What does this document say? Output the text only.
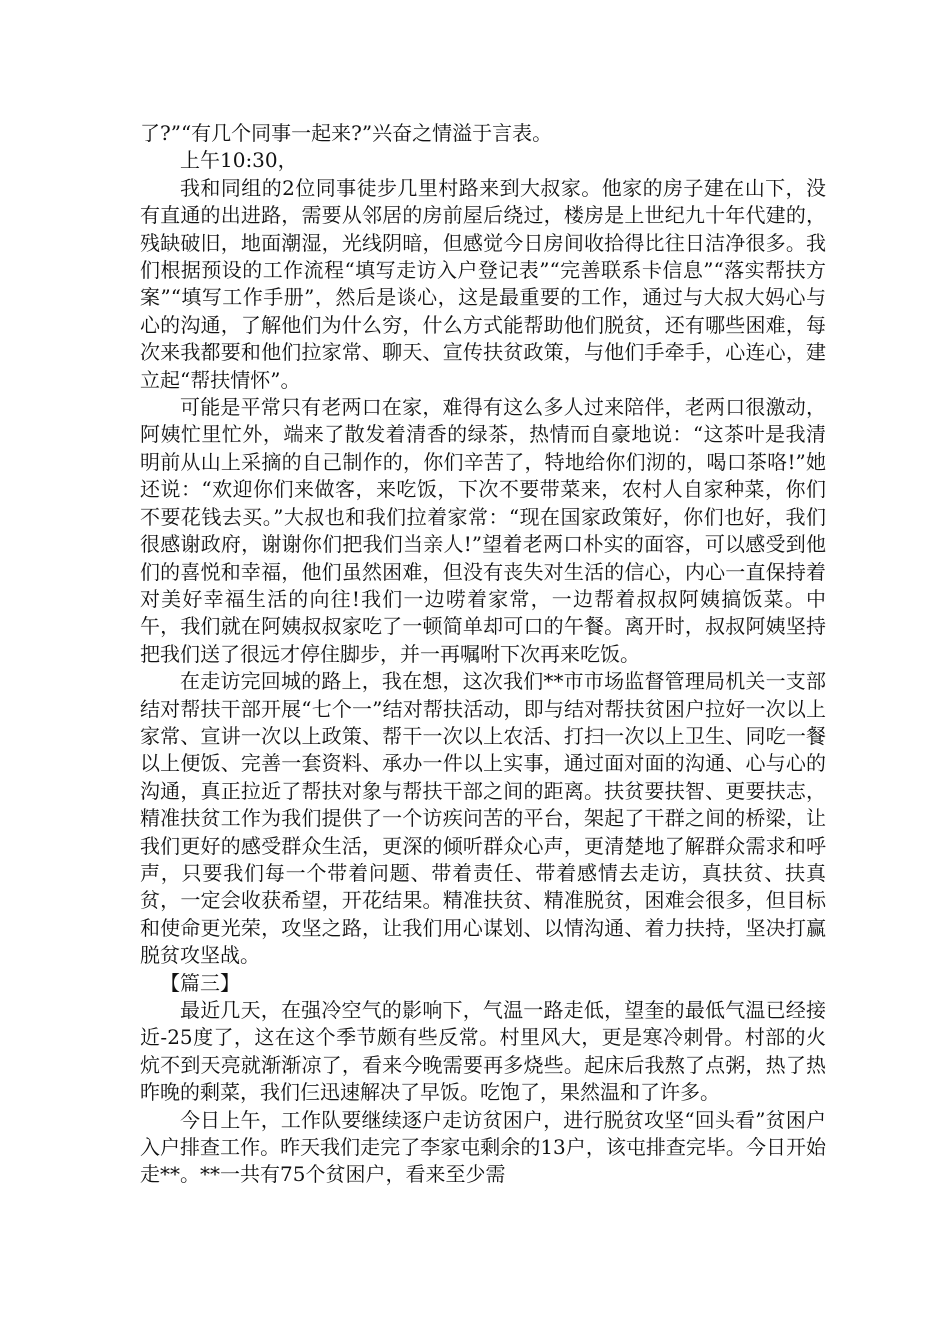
了?”“有几个同事一起来?”兴奋之情溢于言表。

上午10:30，

我和同组的2位同事徒步几里村路来到大叔家。他家的房子建在山下，没有直通的出进路，需要从邻居的房前屋后绕过，楼房是上世纪九十年代建的，残缺破旧，地面潮湿，光线阴暗，但感觉今日房间收拾得比往日洁净很多。我们根据预设的工作流程“填写走访入户登记表”“完善联系卡信息”“落实帮扶方案”“填写工作手册”，然后是谈心，这是最重要的工作，通过与大叔大妈心与心的沟通，了解他们为什么穷，什么方式能帮助他们脱贫，还有哪些困难，每次来我都要和他们拉家常、聊天、宣传扶贫政策，与他们手牵手，心连心，建立起“帮扶情怀”。

可能是平常只有老两口在家，难得有这么多人过来陪伴，老两口很激动，阿姨忙里忙外，端来了散发着清香的绿茶，热情而自豪地说：“这茶叶是我清明前从山上采摘的自己制作的，你们辛苦了，特地给你们沏的，喝口茶咯!”她还说：“欢迎你们来做客，来吃饭，下次不要带菜来，农村人自家种菜，你们不要花钱去买。”大叔也和我们拉着家常：“现在国家政策好，你们也好，我们很感谢政府，谢谢你们把我们当亲人!”望着老两口朴实的面容，可以感受到他们的喜悦和幸福，他们虽然困难，但没有丧失对生活的信心，内心一直保持着对美好幸福生活的向往!我们一边唠着家常，一边帮着叔叔阿姨搞饭菜。中午，我们就在阿姨叔叔家吃了一顿简单却可口的午餐。离开时，叔叔阿姨坚持把我们送了很远才停住脚步，并一再嘱咐下次再来吃饭。

在走访完回城的路上，我在想，这次我们**市市场监督管理局机关一支部结对帮扶干部开展“七个一”结对帮扶活动，即与结对帮扶贫困户拉好一次以上家常、宣讲一次以上政策、帮干一次以上农活、打扫一次以上卫生、同吃一餐以上便饭、完善一套资料、承办一件以上实事，通过面对面的沟通、心与心的沟通，真正拉近了帮扶对象与帮扶干部之间的距离。扶贫要扶智、更要扶志，精准扶贫工作为我们提供了一个访疾问苦的平台，架起了干群之间的桥梁，让我们更好的感受群众生活，更深的倾听群众心声，更清楚地了解群众需求和呼声，只要我们每一个带着问题、带着责任、带着感情去走访，真扶贫、扶真贫，一定会收获希望，开花结果。精准扶贫、精准脱贫，困难会很多，但目标和使命更光荣，攻坚之路，让我们用心谋划、以情沟通、着力扶持，坚决打赢脱贫攻坚战。

【篇三】

最近几天，在强冷空气的影响下，气温一路走低，望奎的最低气温已经接近-25度了，这在这个季节颇有些反常。村里风大，更是寒冷刺骨。村部的火炕不到天亮就渐渐凉了，看来今晚需要再多烧些。起床后我熬了点粥，热了热昨晚的剩菜，我们仨迅速解决了早饭。吃饱了，果然温和了许多。

今日上午，工作队要继续逐户走访贫困户，进行脱贫攻坚“回头看”贫困户入户排查工作。昨天我们走完了李家屯剩余的13户，该屯排查完毕。今日开始走**。**一共有75个贫困户，看来至少需
